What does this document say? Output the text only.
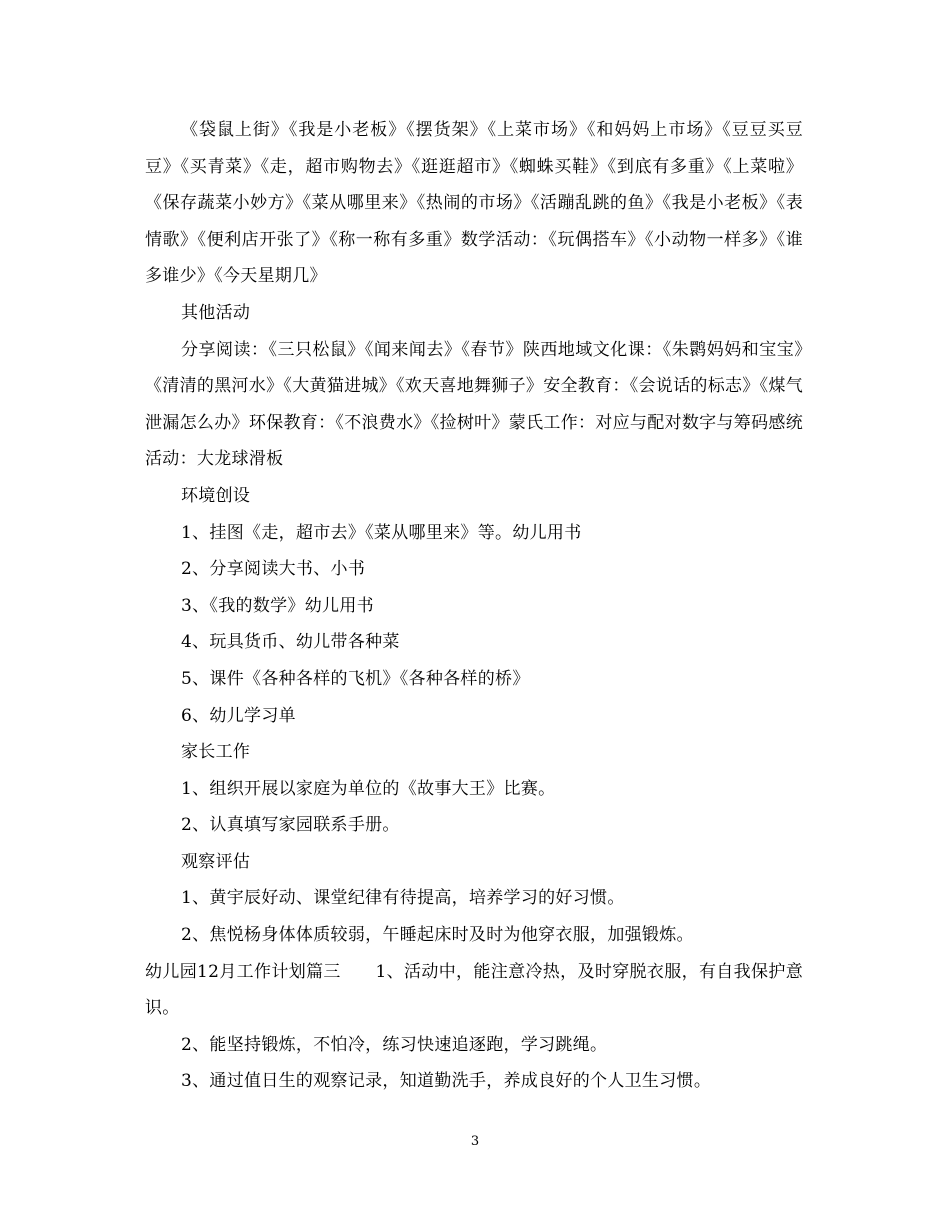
《袋鼠上街》《我是小老板》《摆货架》《上菜市场》《和妈妈上市场》《豆豆买豆豆》《买青菜》《走，超市购物去》《逛逛超市》《蜘蛛买鞋》《到底有多重》《上菜啦》《保存蔬菜小妙方》《菜从哪里来》《热闹的市场》《活蹦乱跳的鱼》《我是小老板》《表情歌》《便利店开张了》《称一称有多重》数学活动：《玩偶搭车》《小动物一样多》《谁多谁少》《今天星期几》

其他活动

分享阅读：《三只松鼠》《闻来闻去》《春节》陕西地域文化课：《朱鹮妈妈和宝宝》《清清的黑河水》《大黄猫进城》《欢天喜地舞狮子》安全教育：《会说话的标志》《煤气泄漏怎么办》环保教育：《不浪费水》《捡树叶》蒙氏工作：对应与配对数字与筹码感统活动：大龙球滑板

环境创设

1、挂图《走，超市去》《菜从哪里来》等。幼儿用书

2、分享阅读大书、小书

3、《我的数学》幼儿用书

4、玩具货币、幼儿带各种菜

5、课件《各种各样的飞机》《各种各样的桥》

6、幼儿学习单

家长工作

1、组织开展以家庭为单位的《故事大王》比赛。

2、认真填写家园联系手册。

观察评估

1、黄宇辰好动、课堂纪律有待提高，培养学习的好习惯。

2、焦悦杨身体体质较弱，午睡起床时及时为他穿衣服，加强锻炼。

幼儿园12月工作计划篇三　　1、活动中，能注意冷热，及时穿脱衣服，有自我保护意识。

2、能坚持锻炼，不怕冷，练习快速追逐跑，学习跳绳。

3、通过值日生的观察记录，知道勤洗手，养成良好的个人卫生习惯。

3
